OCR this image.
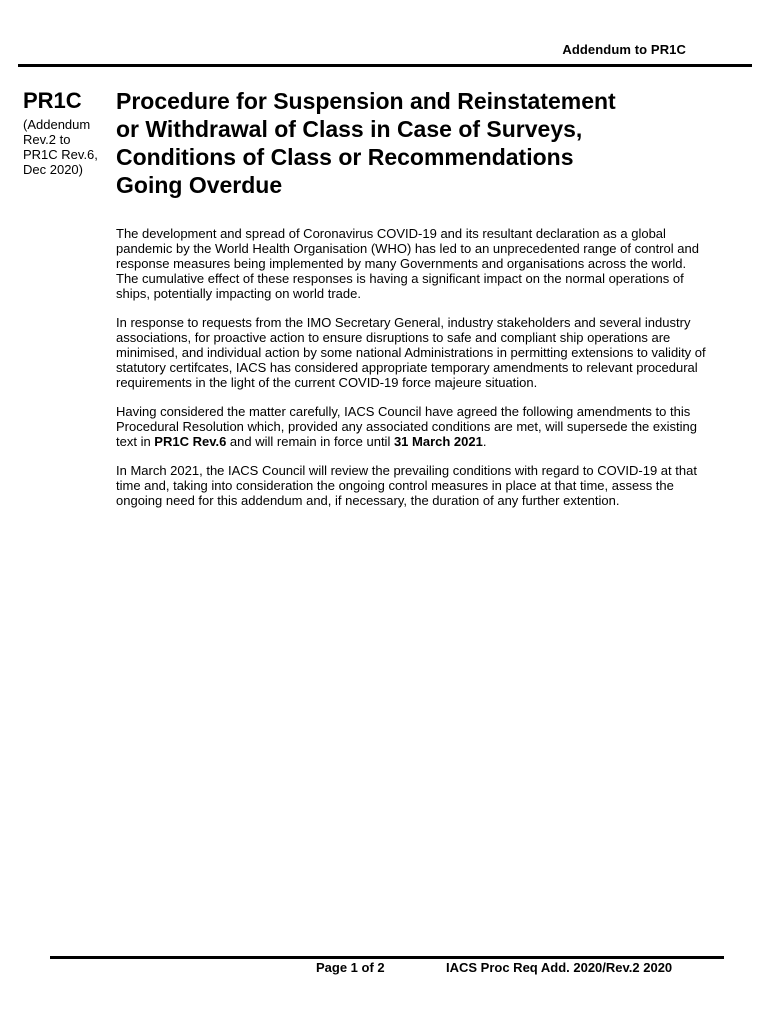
Addendum to PR1C
PR1C
(Addendum
Rev.2 to
PR1C Rev.6,
Dec 2020)
Procedure for Suspension and Reinstatement
or Withdrawal of Class in Case of Surveys,
Conditions of Class or Recommendations
Going Overdue

The development and spread of Coronavirus COVID-19 and its resultant declaration as a global pandemic by the World Health Organisation (WHO) has led to an unprecedented range of control and response measures being implemented by many Governments and organisations across the world. The cumulative effect of these responses is having a significant impact on the normal operations of ships, potentially impacting on world trade.

In response to requests from the IMO Secretary General, industry stakeholders and several industry associations, for proactive action to ensure disruptions to safe and compliant ship operations are minimised, and individual action by some national Administrations in permitting extensions to validity of statutory certifcates, IACS has considered appropriate temporary amendments to relevant procedural requirements in the light of the current COVID-19 force majeure situation.

Having considered the matter carefully, IACS Council have agreed the following amendments to this Procedural Resolution which, provided any associated conditions are met, will supersede the existing text in PR1C Rev.6 and will remain in force until 31 March 2021.

In March 2021, the IACS Council will review the prevailing conditions with regard to COVID-19 at that time and, taking into consideration the ongoing control measures in place at that time, assess the ongoing need for this addendum and, if necessary, the duration of any further extention.

Page 1 of 2	IACS Proc Req Add. 2020/Rev.2 2020
